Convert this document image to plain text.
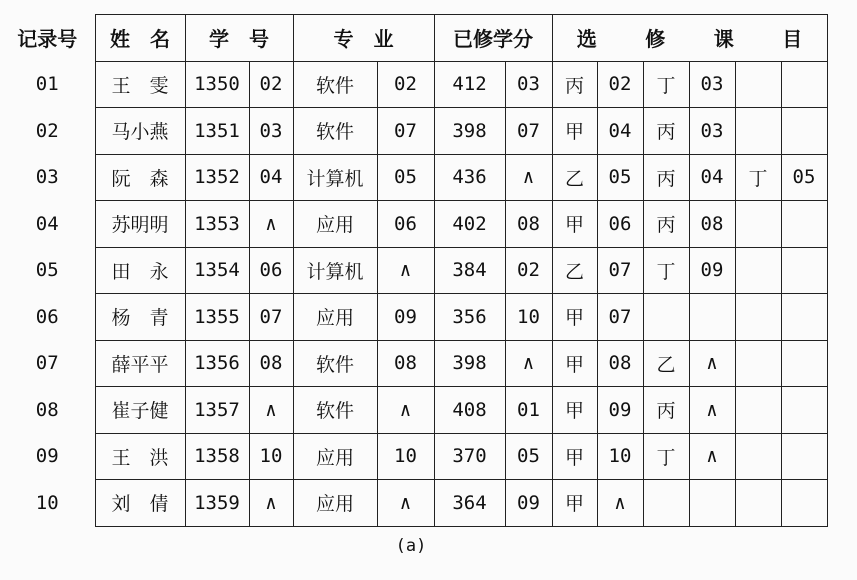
记录号	姓　名	学　号		专　业		已修学分		选 修 课 目					

01	王　雯	1350	02	软件	02	412	03	丙	02	丁	03		
02	马小燕	1351	03	软件	07	398	07	甲	04	丙	03		
03	阮　森	1352	04	计算机	05	436	∧	乙	05	丙	04	丁	05
04	苏明明	1353	∧	应用	06	402	08	甲	06	丙	08		
05	田　永	1354	06	计算机	∧	384	02	乙	07	丁	09		
06	杨　青	1355	07	应用	09	356	10	甲	07				
07	薛平平	1356	08	软件	08	398	∧	甲	08	乙	∧		
08	崔子健	1357	∧	软件	∧	408	01	甲	09	丙	∧		
09	王　洪	1358	10	应用	10	370	05	甲	10	丁	∧		
10	刘　倩	1359	∧	应用	∧	364	09	甲	∧				
(a)
